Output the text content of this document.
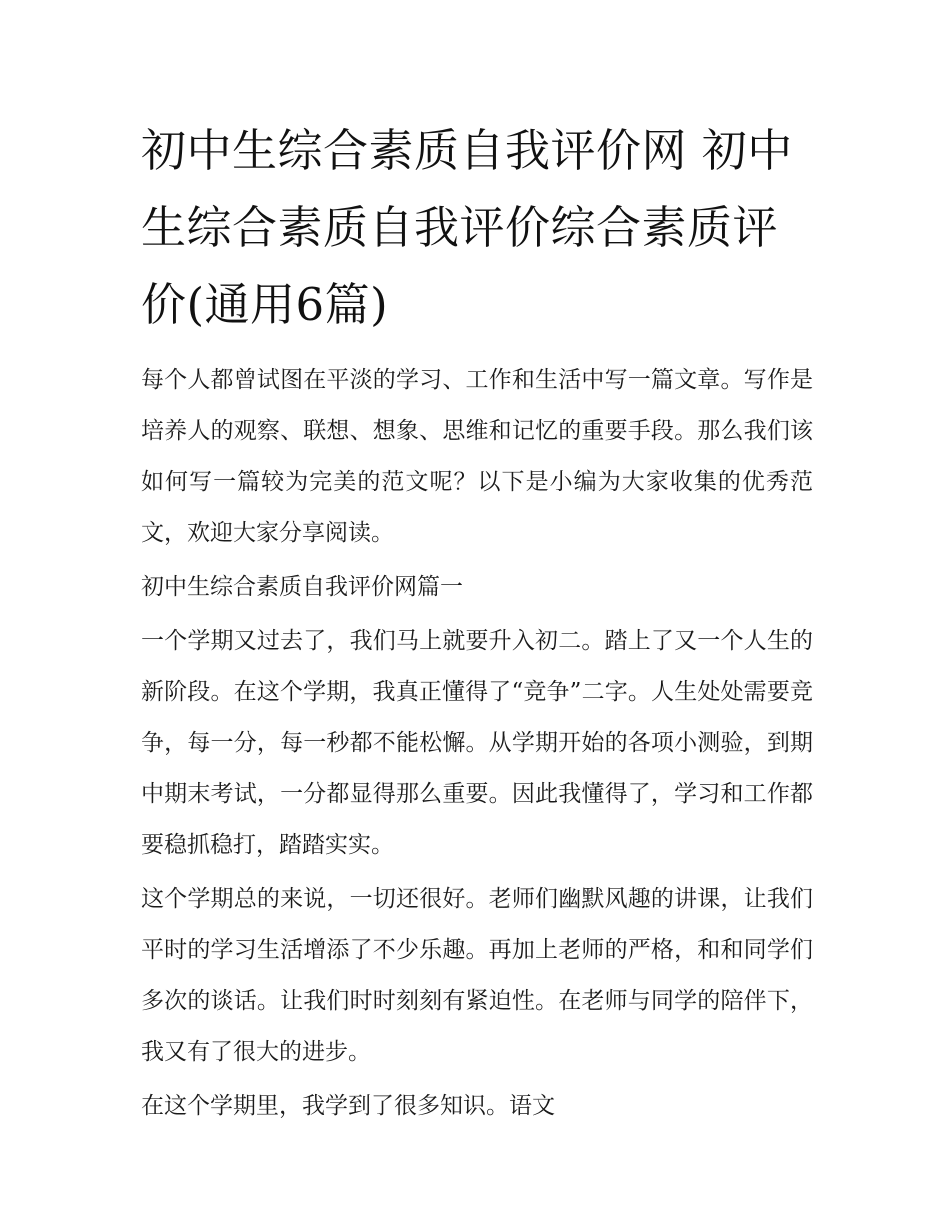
初中生综合素质自我评价网 初中生综合素质自我评价综合素质评价(通用6篇)

每个人都曾试图在平淡的学习、工作和生活中写一篇文章。写作是培养人的观察、联想、想象、思维和记忆的重要手段。那么我们该如何写一篇较为完美的范文呢？以下是小编为大家收集的优秀范文，欢迎大家分享阅读。

初中生综合素质自我评价网篇一

一个学期又过去了，我们马上就要升入初二。踏上了又一个人生的新阶段。在这个学期，我真正懂得了“竞争”二字。人生处处需要竞争，每一分，每一秒都不能松懈。从学期开始的各项小测验，到期中期末考试，一分都显得那么重要。因此我懂得了，学习和工作都要稳抓稳打，踏踏实实。

这个学期总的来说，一切还很好。老师们幽默风趣的讲课，让我们平时的学习生活增添了不少乐趣。再加上老师的严格，和和同学们多次的谈话。让我们时时刻刻有紧迫性。在老师与同学的陪伴下，我又有了很大的进步。

在这个学期里，我学到了很多知识。语文
